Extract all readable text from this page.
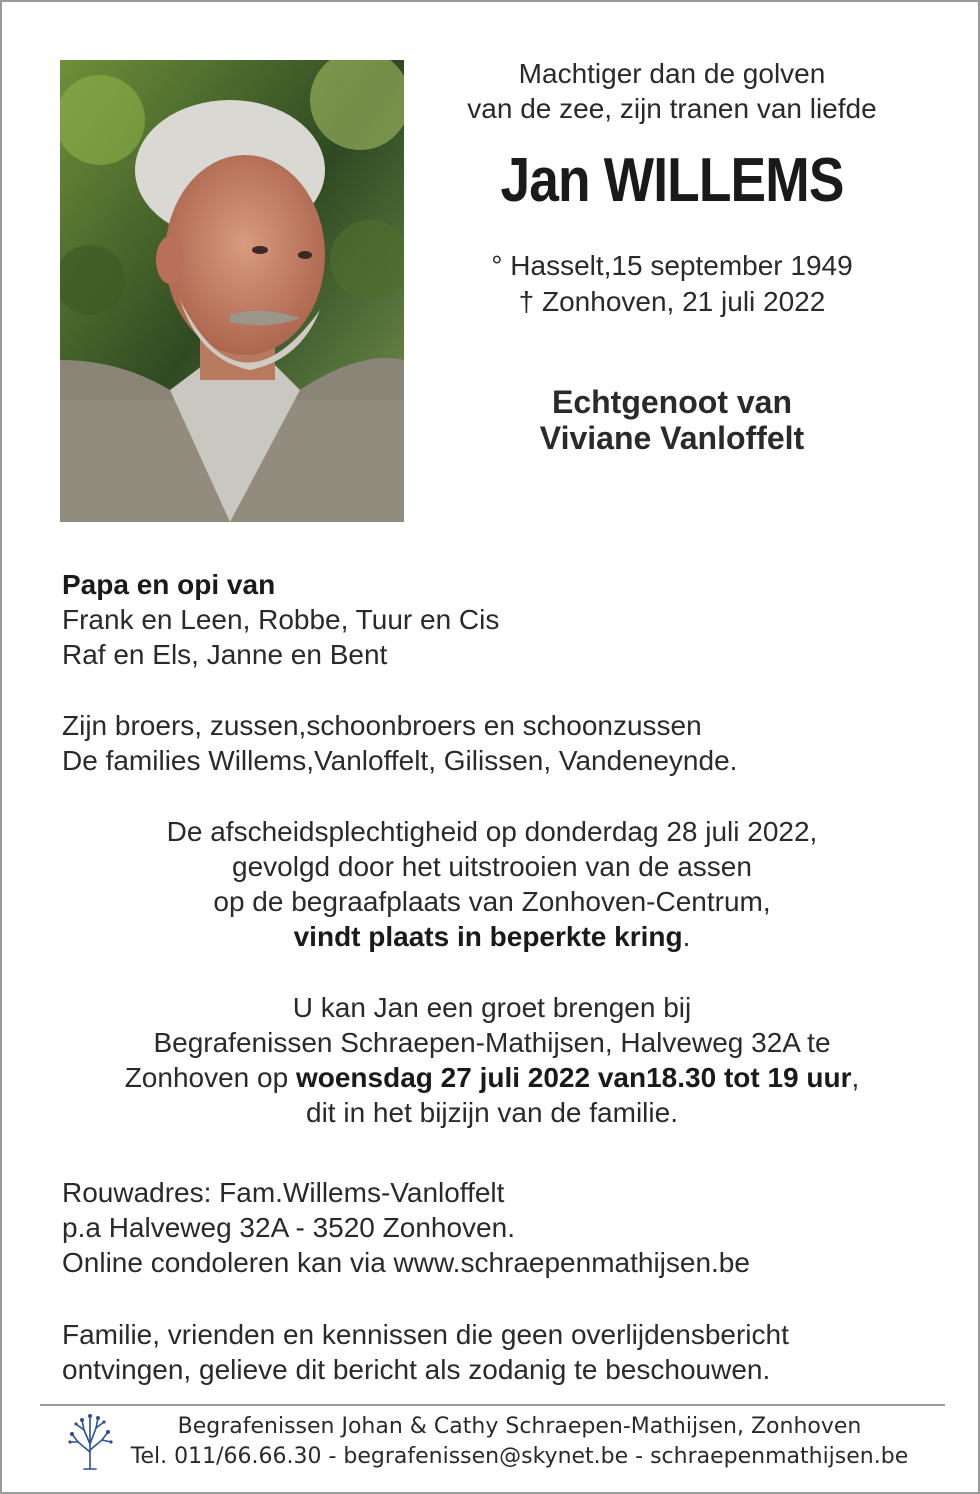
Machtiger dan de golven
van de zee, zijn tranen van liefde
Jan WILLEMS
° Hasselt,15 september 1949
† Zonhoven, 21 juli 2022
Echtgenoot van
Viviane Vanloffelt
Papa en opi van
Frank en Leen, Robbe, Tuur en Cis
Raf en Els, Janne en Bent
Zijn broers, zussen,schoonbroers en schoonzussen
De families Willems,Vanloffelt, Gilissen, Vandeneynde.
De afscheidsplechtigheid op donderdag 28 juli 2022,
gevolgd door het uitstrooien van de assen
op de begraafplaats van Zonhoven-Centrum,
vindt plaats in beperkte kring.
U kan Jan een groet brengen bij
Begrafenissen Schraepen-Mathijsen, Halveweg 32A te
Zonhoven op woensdag 27 juli 2022 van18.30 tot 19 uur,
dit in het bijzijn van de familie.
Rouwadres: Fam.Willems-Vanloffelt
p.a Halveweg 32A - 3520 Zonhoven.
Online condoleren kan via www.schraepenmathijsen.be
Familie, vrienden en kennissen die geen overlijdensbericht
ontvingen, gelieve dit bericht als zodanig te beschouwen.
Begrafenissen Johan & Cathy Schraepen-Mathijsen, Zonhoven
Tel. 011/66.66.30 - begrafenissen@skynet.be - schraepenmathijsen.be
